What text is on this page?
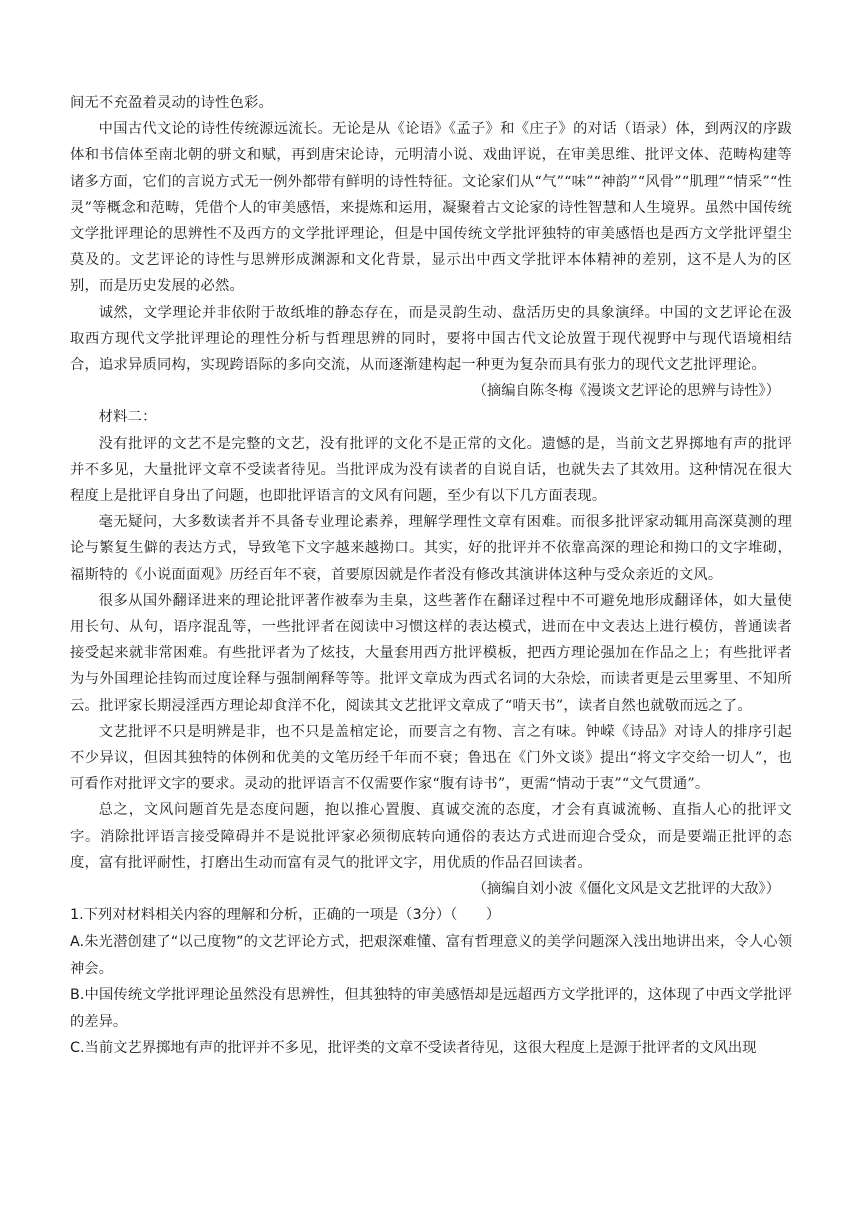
间无不充盈着灵动的诗性色彩。

中国古代文论的诗性传统源远流长。无论是从《论语》《孟子》和《庄子》的对话（语录）体，到两汉的序跋体和书信体至南北朝的骈文和赋，再到唐宋论诗，元明清小说、戏曲评说，在审美思维、批评文体、范畴构建等诸多方面，它们的言说方式无一例外都带有鲜明的诗性特征。文论家们从“气”“味”“神韵”“风骨”“肌理”“情采”“性灵”等概念和范畴，凭借个人的审美感悟，来提炼和运用，凝聚着古文论家的诗性智慧和人生境界。虽然中国传统文学批评理论的思辨性不及西方的文学批评理论，但是中国传统文学批评独特的审美感悟也是西方文学批评望尘莫及的。文艺评论的诗性与思辨形成渊源和文化背景，显示出中西文学批评本体精神的差别，这不是人为的区别，而是历史发展的必然。

诚然，文学理论并非依附于故纸堆的静态存在，而是灵韵生动、盘活历史的具象演绎。中国的文艺评论在汲取西方现代文学批评理论的理性分析与哲理思辨的同时，要将中国古代文论放置于现代视野中与现代语境相结合，追求异质同构，实现跨语际的多向交流，从而逐渐建构起一种更为复杂而具有张力的现代文艺批评理论。

（摘编自陈冬梅《漫谈文艺评论的思辨与诗性》）

材料二：

没有批评的文艺不是完整的文艺，没有批评的文化不是正常的文化。遗憾的是，当前文艺界掷地有声的批评并不多见，大量批评文章不受读者待见。当批评成为没有读者的自说自话，也就失去了其效用。这种情况在很大程度上是批评自身出了问题，也即批评语言的文风有问题，至少有以下几方面表现。

毫无疑问，大多数读者并不具备专业理论素养，理解学理性文章有困难。而很多批评家动辄用高深莫测的理论与繁复生僻的表达方式，导致笔下文字越来越拗口。其实，好的批评并不依靠高深的理论和拗口的文字堆砌，福斯特的《小说面面观》历经百年不衰，首要原因就是作者没有修改其演讲体这种与受众亲近的文风。

很多从国外翻译进来的理论批评著作被奉为圭臬，这些著作在翻译过程中不可避免地形成翻译体，如大量使用长句、从句，语序混乱等，一些批评者在阅读中习惯这样的表达模式，进而在中文表达上进行模仿，普通读者接受起来就非常困难。有些批评者为了炫技，大量套用西方批评模板，把西方理论强加在作品之上；有些批评者为与外国理论挂钩而过度诠释与强制阐释等等。批评文章成为西式名词的大杂烩，而读者更是云里雾里、不知所云。批评家长期浸淫西方理论却食洋不化，阅读其文艺批评文章成了“啃天书”，读者自然也就敬而远之了。

文艺批评不只是明辨是非，也不只是盖棺定论，而要言之有物、言之有味。钟嵘《诗品》对诗人的排序引起不少异议，但因其独特的体例和优美的文笔历经千年而不衰；鲁迅在《门外文谈》提出“将文字交给一切人”，也可看作对批评文字的要求。灵动的批评语言不仅需要作家“腹有诗书”，更需“情动于衷”“文气贯通”。

总之，文风问题首先是态度问题，抱以推心置腹、真诚交流的态度，才会有真诚流畅、直指人心的批评文字。消除批评语言接受障碍并不是说批评家必须彻底转向通俗的表达方式进而迎合受众，而是要端正批评的态度，富有批评耐性，打磨出生动而富有灵气的批评文字，用优质的作品召回读者。

（摘编自刘小波《僵化文风是文艺批评的大敌》）

1.下列对材料相关内容的理解和分析，正确的一项是（3分）（　　）

A.朱光潜创建了“以己度物”的文艺评论方式，把艰深难懂、富有哲理意义的美学问题深入浅出地讲出来，令人心领神会。

B.中国传统文学批评理论虽然没有思辨性，但其独特的审美感悟却是远超西方文学批评的，这体现了中西文学批评的差异。

C.当前文艺界掷地有声的批评并不多见，批评类的文章不受读者待见，这很大程度上是源于批评者的文风出现
